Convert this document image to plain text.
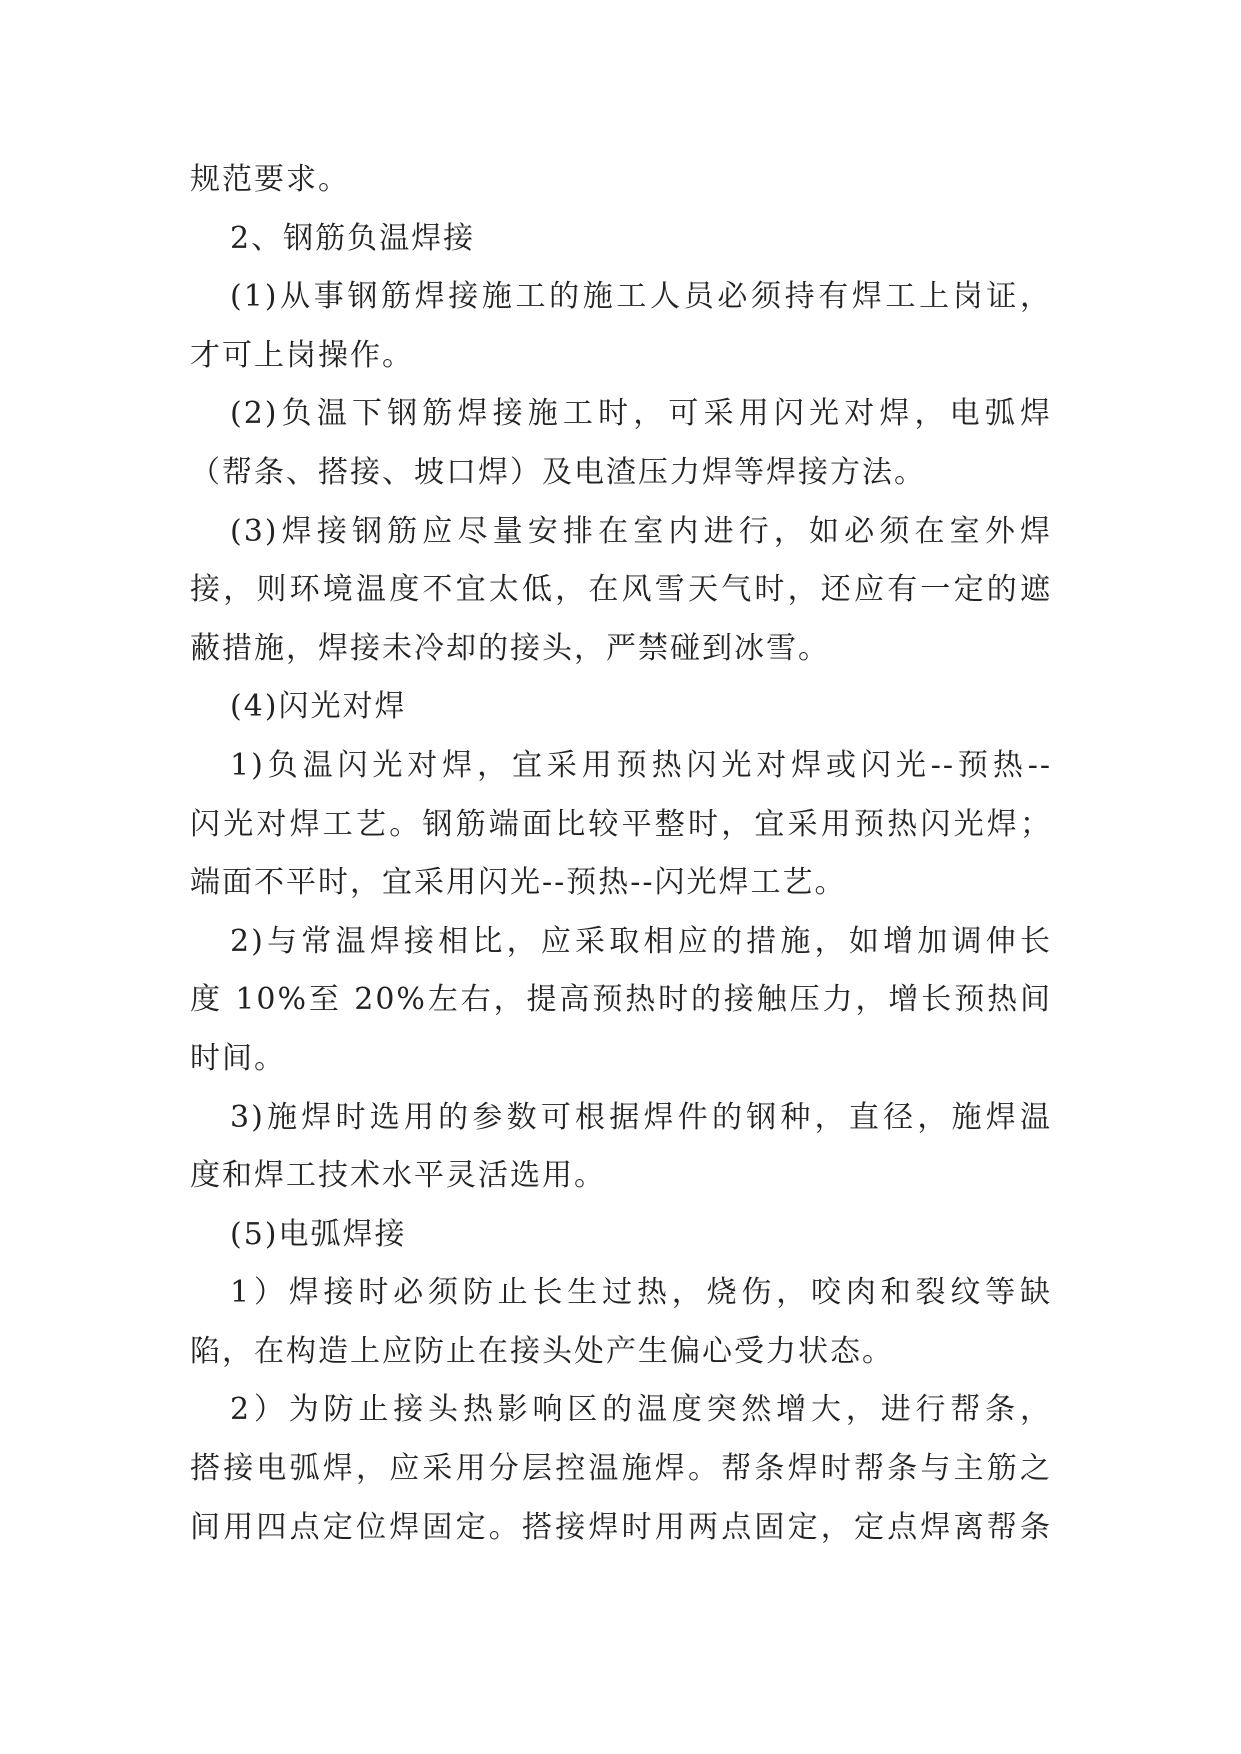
规范要求。
2、钢筋负温焊接
(1)从事钢筋焊接施工的施工人员必须持有焊工上岗证，
才可上岗操作。
(2)负温下钢筋焊接施工时，可采用闪光对焊，电弧焊
（帮条、搭接、坡口焊）及电渣压力焊等焊接方法。
(3)焊接钢筋应尽量安排在室内进行，如必须在室外焊
接，则环境温度不宜太低，在风雪天气时，还应有一定的遮
蔽措施，焊接未冷却的接头，严禁碰到冰雪。
(4)闪光对焊
1)负温闪光对焊，宜采用预热闪光对焊或闪光--预热--
闪光对焊工艺。钢筋端面比较平整时，宜采用预热闪光焊；
端面不平时，宜采用闪光--预热--闪光焊工艺。
2)与常温焊接相比，应采取相应的措施，如增加调伸长
度 10%至 20%左右，提高预热时的接触压力，增长预热间
时间。
3)施焊时选用的参数可根据焊件的钢种，直径，施焊温
度和焊工技术水平灵活选用。
(5)电弧焊接
1）焊接时必须防止长生过热，烧伤，咬肉和裂纹等缺
陷，在构造上应防止在接头处产生偏心受力状态。
2）为防止接头热影响区的温度突然增大，进行帮条，
搭接电弧焊，应采用分层控温施焊。帮条焊时帮条与主筋之
间用四点定位焊固定。搭接焊时用两点固定，定点焊离帮条
